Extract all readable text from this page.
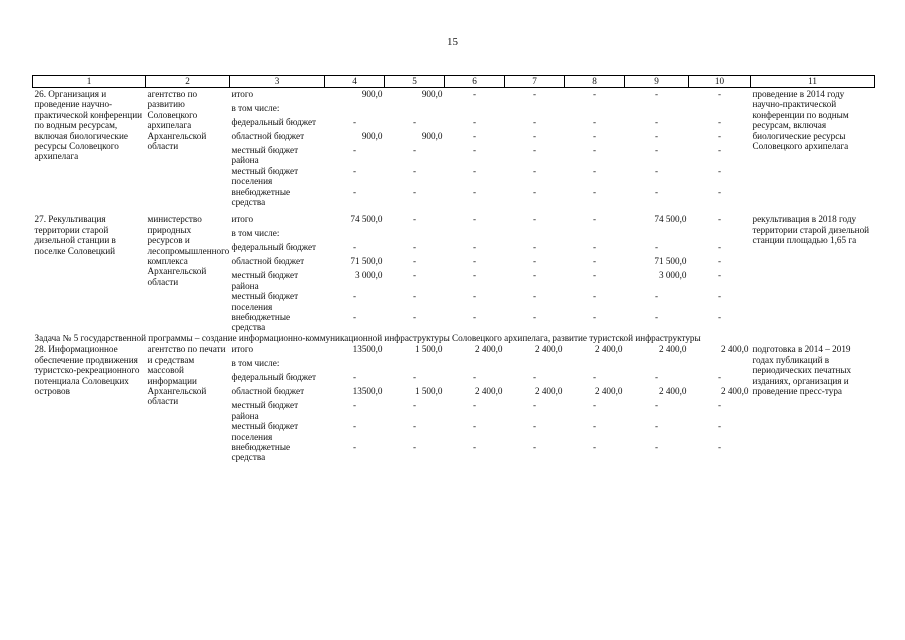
15
1	2	3	4	5	6	7	8	9	10	11
26. Организация и проведение научно-практической конференции по водным ресурсам, включая биологические ресурсы Соловецкого архипелага	агентство по развитию Соловецкого архипелага Архангельской области	итого	900,0	900,0	-	-	-	-	-	проведение в 2014 году научно-практической конференции по водным ресурсам, включая биологические ресурсы Соловецкого архипелага
		в том числе:								
		федеральный бюджет	-	-	-	-	-	-	-	
		областной бюджет	900,0	900,0	-	-	-	-	-	
		местный бюджет района	-	-	-	-	-	-	-	
		местный бюджет поселения	-	-	-	-	-	-	-	
		внебюджетные средства	-	-	-	-	-	-	-	

27. Рекультивация территории старой дизельной станции в поселке Соловецкий	министерство природных ресурсов и лесопромышленного комплекса Архангельской области	итого	74 500,0	-	-	-	-	74 500,0	-	рекультивация в 2018 году территории старой дизельной станции площадью 1,65 га
		в том числе:								
		федеральный бюджет	-	-	-	-	-	-	-	
		областной бюджет	71 500,0	-	-	-	-	71 500,0	-	
		местный бюджет района	3 000,0	-	-	-	-	3 000,0	-	
		местный бюджет поселения	-	-	-	-	-	-	-	
		внебюджетные средства	-	-	-	-	-	-	-	
Задача № 5 государственной программы – создание информационно-коммуникационной инфраструктуры Соловецкого архипелага, развитие туристской инфраструктуры										
28. Информационное обеспечение продвижения туристско-рекреационного потенциала Соловецких островов	агентство по печати и средствам массовой информации Архангельской области	итого	13500,0	1 500,0	2 400,0	2 400,0	2 400,0	2 400,0	2 400,0	подготовка в 2014 – 2019 годах публикаций в периодических печатных изданиях, организация и проведение пресс-тура
		в том числе:								
		федеральный бюджет	-	-	-	-	-	-	-	
		областной бюджет	13500,0	1 500,0	2 400,0	2 400,0	2 400,0	2 400,0	2 400,0	
		местный бюджет района	-	-	-	-	-	-	-	
		местный бюджет поселения	-	-	-	-	-	-	-	
		внебюджетные средства	-	-	-	-	-	-	-	
